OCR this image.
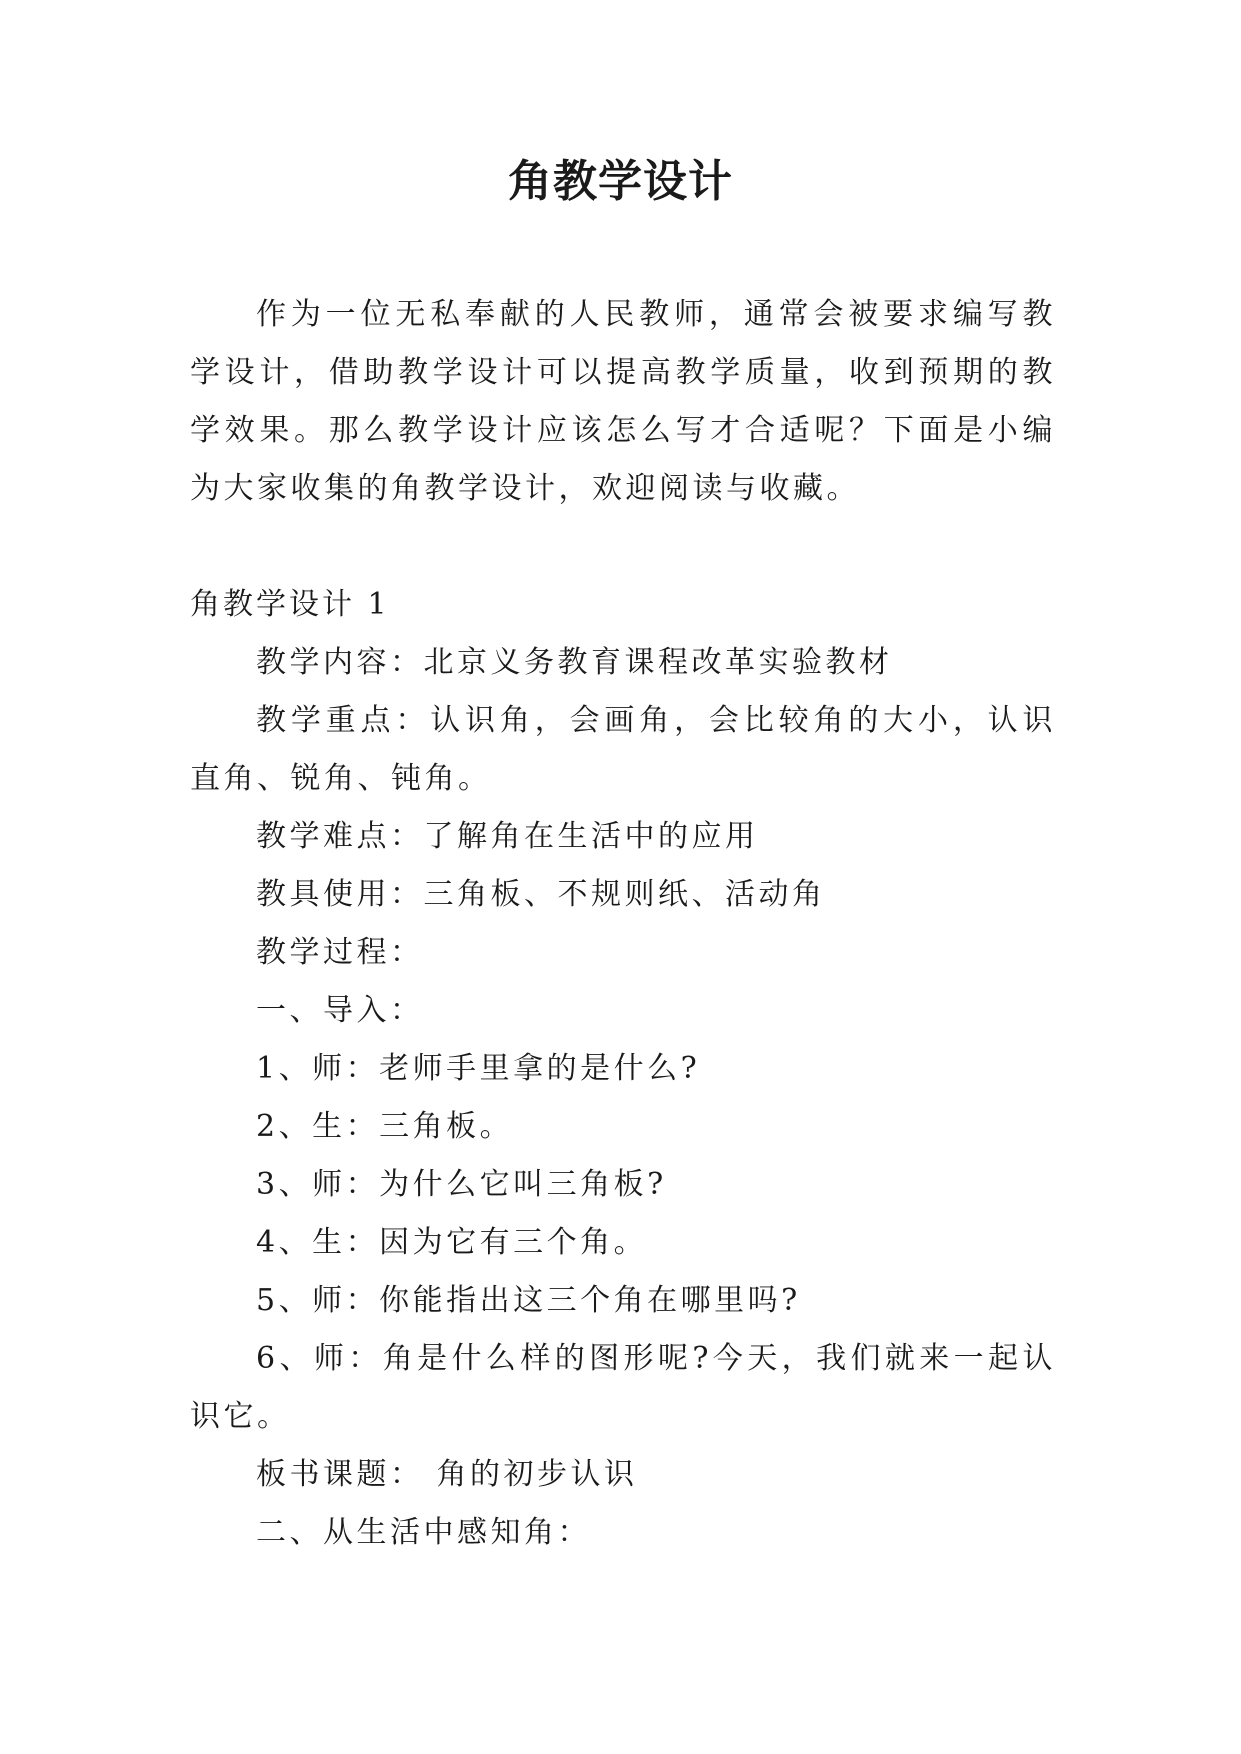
角教学设计

作为一位无私奉献的人民教师，通常会被要求编写教学设计，借助教学设计可以提高教学质量，收到预期的教学效果。那么教学设计应该怎么写才合适呢？下面是小编为大家收集的角教学设计，欢迎阅读与收藏。

角教学设计 1

教学内容：北京义务教育课程改革实验教材

教学重点：认识角，会画角，会比较角的大小，认识直角、锐角、钝角。

教学难点：了解角在生活中的应用

教具使用：三角板、不规则纸、活动角

教学过程：

一、导入：

1、师：老师手里拿的是什么?

2、生：三角板。

3、师：为什么它叫三角板?

4、生：因为它有三个角。

5、师：你能指出这三个角在哪里吗?

6、师：角是什么样的图形呢?今天，我们就来一起认识它。

板书课题： 角的初步认识

二、从生活中感知角：
